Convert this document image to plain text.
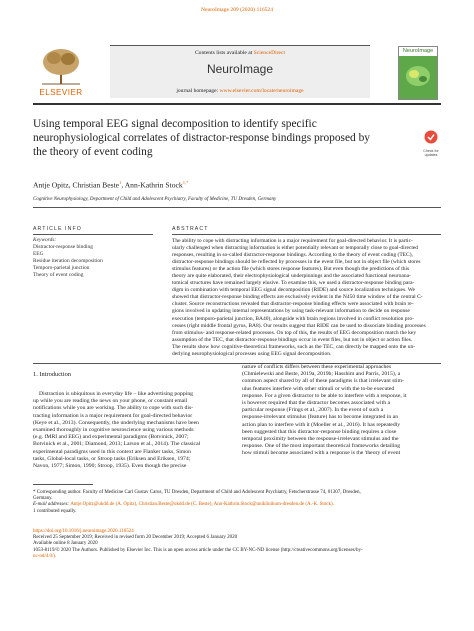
NeuroImage 209 (2020) 116524
Contents lists available at ScienceDirect
NeuroImage
journal homepage: www.elsevier.com/locate/neuroimage
ELSEVIER
NeuroImage
Using temporal EEG signal decomposition to identify specific
neurophysiological correlates of distractor-response bindings proposed by
the theory of event coding	Check for
updates
Antje Opitz, Christian Beste$^1$, Ann-Kathrin Stock$^{1,*}$
Cognitive Neurophysiology, Department of Child and Adolescent Psychiatry, Faculty of Medicine, TU Dresden, Germany
ARTICLE INFO
Keywords:
Distractor-response binding
EEG
Residue iteration decomposition
Temporo-parietal junction
Theory of event coding
ABSTRACT
The ability to cope with distracting information is a major requirement for goal-directed behavior. It is partic-
ularly challenged when distracting information is either potentially relevant or temporally close to goal-directed
responses, resulting in so-called distractor-response bindings. According to the theory of event coding (TEC),
distractor-response bindings should be reflected by processes in the event file, but not in object file (which stores
stimulus features) or the action file (which stores response features). But even though the predictions of this
theory are quite elaborated, their electrophysiological underpinnings and the associated functional neuroana-
tomical structures have remained largely elusive. To examine this, we used a distractor-response binding para-
digm in combination with temporal EEG signal decomposition (RIDE) and source localization techniques. We
showed that distractor-response binding effects are exclusively evident in the N450 time window of the central C-
cluster. Source reconstructions revealed that distractor-response binding effects were associated with brain re-
gions involved in updating internal representations by using task-relevant information to decide on response
execution (temporo-parietal junction, BA40), alongside with brain regions involved in conflict resolution pro-
cesses (right middle frontal gyrus, BA8). Our results suggest that RIDE can be used to dissociate binding processes
from stimulus- and response-related processes. On top of this, the results of EEG decomposition match the key
assumption of the TEC, that distractor-response bindings occur in event files, but not in object or action files.
The results show how cognitive-theoretical frameworks, such as the TEC, can directly be mapped onto the un-
derlying neurophysiological processes using EEG signal decomposition.
1. Introduction
Distraction is ubiquitous in everyday life – like advertising popping
up while you are reading the news on your phone, or constant email
notifications while you are working. The ability to cope with such dis-
tracting information is a major requirement for goal-directed behavior
(Keye et al., 2013). Consequently, the underlying mechanisms have been
examined thoroughly in cognitive neuroscience using various methods
(e.g. fMRI and EEG) and experimental paradigms (Botvinick, 2007;
Botvinick et al., 2001; Diamond, 2013; Larson et al., 2014). The classical
experimental paradigms used in this context are Flanker tasks, Simon
tasks, Global-local tasks, or Stroop tasks (Eriksen and Eriksen, 1974;
Navon, 1977; Simon, 1990; Stroop, 1935). Even though the precise
nature of conflicts differs between these experimental approaches
(Chmielewski and Beste, 2019a, 2019b; Hasshim and Parris, 2015), a
common aspect shared by all of these paradigms is that irrelevant stim-
ulus features interfere with other stimuli or with the to-be executed
response. For a given distractor to be able to interfere with a response, it
is however required that the distractor becomes associated with a
particular response (Frings et al., 2007). In the event of such a
response-irrelevant stimulus (feature) has to become integrated in an
action plan to interfere with it (Moeller et al., 2016). It has repeatedly
been suggested that this distractor-response binding requires a close
temporal proximity between the response-irrelevant stimulus and the
response. One of the most important theoretical frameworks detailing
how stimuli become associated with a response is the 'theory of event
* Corresponding author. Faculty of Medicine Carl Gustav Carus, TU Dresden, Department of Child and Adolescent Psychiatry, Fetscherstrasse 74, 01307, Dresden,
Germany.
E-mail addresses: Antje.Opitz@ukdd.de (A. Opitz), Christian.Beste@ukdd.de (C. Beste), Ann-Kathrin.Stock@uniklinikum-dresden.de (A.-K. Stock).
1 contributed equally.
https://doi.org/10.1016/j.neuroimage.2020.116524
Received 25 September 2019; Received in revised form 20 December 2019; Accepted 6 January 2020
Available online 8 January 2020
1053-8119/© 2020 The Authors. Published by Elsevier Inc. This is an open access article under the CC BY-NC-ND license (http://creativecommons.org/licenses/by-
nc-nd/4.0/).
